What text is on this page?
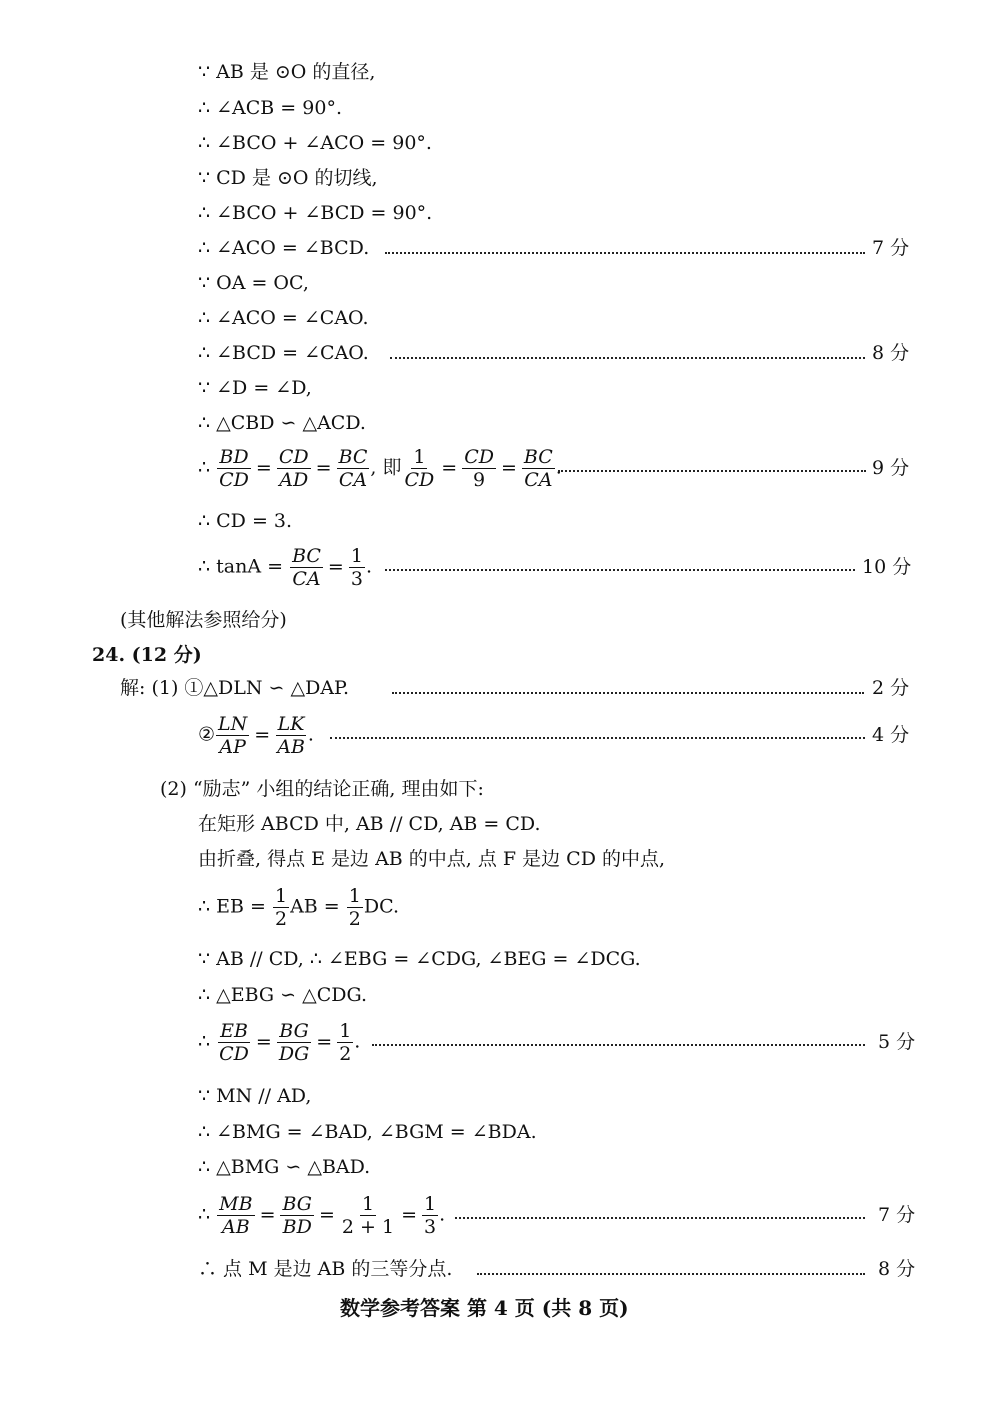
∵ AB 是 ⊙O 的直径,
∴ ∠ACB = 90°.
∴ ∠BCO + ∠ACO = 90°.
∵ CD 是 ⊙O 的切线,
∴ ∠BCO + ∠BCD = 90°.
∴ ∠ACO = ∠BCD.	7 分
∵ OA = OC,
∴ ∠ACO = ∠CAO.
∴ ∠BCD = ∠CAO.	8 分
∵ ∠D = ∠D,
∴ △CBD ∽ △ACD.
∴ $\frac{BD}{CD} = \frac{CD}{AD} = \frac{BC}{CA}$ , 即 $\frac{1}{CD} = \frac{CD}{9} = \frac{BC}{CA}$ .	9 分
∴ CD = 3.
∴ $\tan A = \frac{BC}{CA} = \frac{1}{3}$ .	10 分
(其他解法参照给分)
24. (12 分)
解: (1) ①△DLN ∽ △DAP.	2 分
② $\frac{LN}{AP} = \frac{LK}{AB}$ .	4 分
(2) “励志” 小组的结论正确, 理由如下:
在矩形 ABCD 中, AB // CD, AB = CD.
由折叠, 得点 E 是边 AB 的中点, 点 F 是边 CD 的中点,
∴ EB = $\frac{1}{2}$ AB = $\frac{1}{2}$ DC.
∵ AB // CD, ∴ ∠EBG = ∠CDG, ∠BEG = ∠DCG.
∴ △EBG ∽ △CDG.
∴ $\frac{EB}{CD} = \frac{BG}{DG} = \frac{1}{2}$ .	5 分
∵ MN // AD,
∴ ∠BMG = ∠BAD, ∠BGM = ∠BDA.
∴ △BMG ∽ △BAD.
∴ $\frac{MB}{AB} = \frac{BG}{BD} = \frac{1}{2 + 1} = \frac{1}{3}$ .	7 分
∴ 点 M 是边 AB 的三等分点.	8 分
数学参考答案 第 4 页 (共 8 页)
